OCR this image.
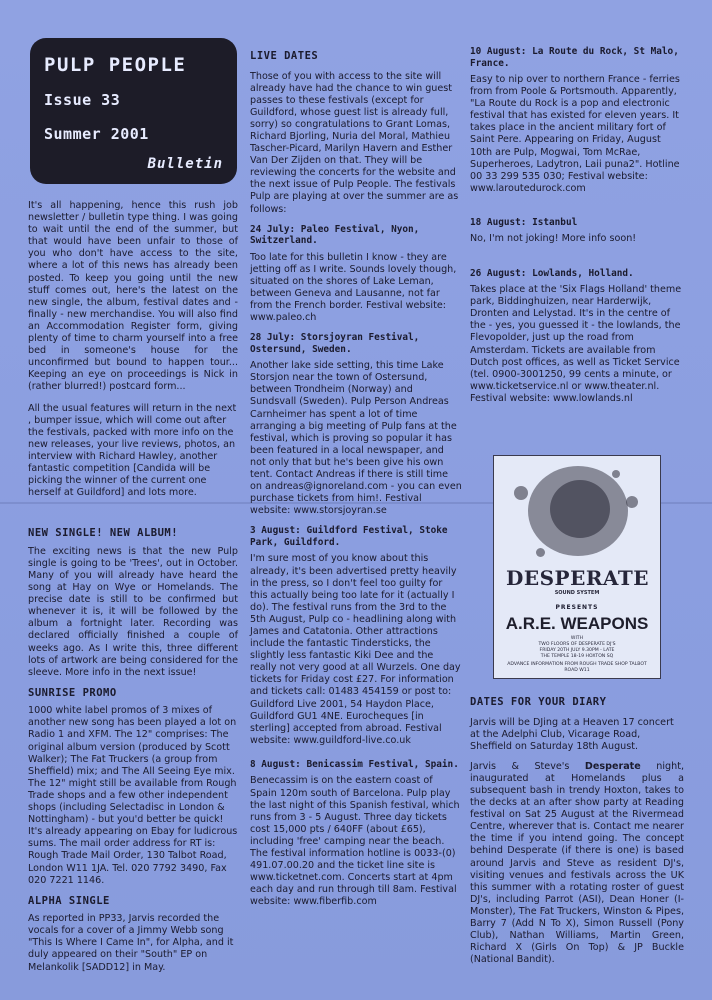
PULP PEOPLE
Issue 33
Summer 2001
Bulletin

It's all happening, hence this rush job newsletter / bulletin type thing. I was going to wait until the end of the summer, but that would have been unfair to those of you who don't have access to the site, where a lot of this news has already been posted. To keep you going until the new stuff comes out, here's the latest on the new single, the album, festival dates and - finally - new merchandise. You will also find an Accommodation Register form, giving plenty of time to charm yourself into a free bed in someone's house for the unconfirmed but bound to happen tour... Keeping an eye on proceedings is Nick in (rather blurred!) postcard form...

All the usual features will return in the next , bumper issue, which will come out after the festivals, packed with more info on the new releases, your live reviews, photos, an interview with Richard Hawley, another fantastic competition [Candida will be picking the winner of the current one herself at Guildford] and lots more.

NEW SINGLE! NEW ALBUM!

The exciting news is that the new Pulp single is going to be 'Trees', out in October. Many of you will already have heard the song at Hay on Wye or Homelands. The precise date is still to be confirmed but whenever it is, it will be followed by the album a fortnight later. Recording was declared officially finished a couple of weeks ago. As I write this, three different lots of artwork are being considered for the sleeve. More info in the next issue!

SUNRISE PROMO

1000 white label promos of 3 mixes of another new song has been played a lot on Radio 1 and XFM. The 12" comprises: The original album version (produced by Scott Walker); The Fat Truckers (a group from Sheffield) mix; and The All Seeing Eye mix. The 12" might still be available from Rough Trade shops and a few other independent shops (including Selectadisc in London & Nottingham) - but you'd better be quick! It's already appearing on Ebay for ludicrous sums. The mail order address for RT is: Rough Trade Mail Order, 130 Talbot Road, London W11 1JA. Tel. 020 7792 3490, Fax 020 7221 1146.

ALPHA SINGLE

As reported in PP33, Jarvis recorded the vocals for a cover of a Jimmy Webb song "This Is Where I Came In", for Alpha, and it duly appeared on their "South" EP on Melankolik [SADD12] in May.

LIVE DATES

Those of you with access to the site will already have had the chance to win guest passes to these festivals (except for Guildford, whose guest list is already full, sorry) so congratulations to Grant Lomas, Richard Bjorling, Nuria del Moral, Mathieu Tascher-Picard, Marilyn Havern and Esther Van Der Zijden on that. They will be reviewing the concerts for the website and the next issue of Pulp People. The festivals Pulp are playing at over the summer are as follows:

24 July: Paleo Festival, Nyon, Switzerland.

Too late for this bulletin I know - they are jetting off as I write. Sounds lovely though, situated on the shores of Lake Leman, between Geneva and Lausanne, not far from the French border. Festival website: www.paleo.ch

28 July: Storsjoyran Festival, Ostersund, Sweden.

Another lake side setting, this time Lake Storsjon near the town of Ostersund, between Trondheim (Norway) and Sundsvall (Sweden). Pulp Person Andreas Carnheimer has spent a lot of time arranging a big meeting of Pulp fans at the festival, which is proving so popular it has been featured in a local newspaper, and not only that but he's been give his own tent. Contact Andreas if there is still time on andreas@ignoreland.com - you can even purchase tickets from him!. Festival website: www.storsjoyran.se

3 August: Guildford Festival, Stoke Park, Guildford.

I'm sure most of you know about this already, it's been advertised pretty heavily in the press, so I don't feel too guilty for this actually being too late for it (actually I do). The festival runs from the 3rd to the 5th August, Pulp co - headlining along with James and Catatonia. Other attractions include the fantastic Tindersticks, the slightly less fantastic Kiki Dee and the really not very good at all Wurzels. One day tickets for Friday cost £27. For information and tickets call: 01483 454159 or post to: Guildford Live 2001, 54 Haydon Place, Guildford GU1 4NE. Eurocheques [in sterling] accepted from abroad. Festival website: www.guildford-live.co.uk

8 August: Benicassim Festival, Spain.

Benecassim is on the eastern coast of Spain 120m south of Barcelona. Pulp play the last night of this Spanish festival, which runs from 3 - 5 August. Three day tickets cost 15,000 pts / 640FF (about £65), including 'free' camping near the beach. The festival information hotline is 0033-(0) 491.07.00.20 and the ticket line site is www.ticketnet.com. Concerts start at 4pm each day and run through till 8am. Festival website: www.fiberfib.com

10 August: La Route du Rock, St Malo, France.

Easy to nip over to northern France - ferries from from Poole & Portsmouth. Apparently, "La Route du Rock is a pop and electronic festival that has existed for eleven years. It takes place in the ancient military fort of Saint Pere. Appearing on Friday, August 10th are Pulp, Mogwai, Tom McRae, Superheroes, Ladytron, Laii puna2". Hotline 00 33 299 535 030; Festival website: www.laroutedurock.com

18 August: Istanbul

No, I'm not joking! More info soon!

26 August: Lowlands, Holland.

Takes place at the 'Six Flags Holland' theme park, Biddinghuizen, near Harderwijk, Dronten and Lelystad. It's in the centre of the - yes, you guessed it - the lowlands, the Flevopolder, just up the road from Amsterdam. Tickets are available from Dutch post offices, as well as Ticket Service (tel. 0900-3001250, 99 cents a minute, or www.ticketservice.nl or www.theater.nl. Festival website: www.lowlands.nl

DESPERATE
SOUND SYSTEM
PRESENTS
A.R.E. WEAPONS
WITH
TWO FLOORS OF DESPERATE DJ'S
FRIDAY 20TH JULY 9.30PM - LATE
THE TEMPLE 18-19 HOXTON SQ
ADVANCE INFORMATION FROM ROUGH TRADE SHOP TALBOT ROAD W11
DATES FOR YOUR DIARY

Jarvis will be DJing at a Heaven 17 concert at the Adelphi Club, Vicarage Road, Sheffield on Saturday 18th August.

Jarvis & Steve's Desperate night, inaugurated at Homelands plus a subsequent bash in trendy Hoxton, takes to the decks at an after show party at Reading festival on Sat 25 August at the Rivermead Centre, wherever that is. Contact me nearer the time if you intend going. The concept behind Desperate (if there is one) is based around Jarvis and Steve as resident DJ's, visiting venues and festivals across the UK this summer with a rotating roster of guest DJ's, including Parrot (ASI), Dean Honer (I-Monster), The Fat Truckers, Winston & Pipes, Barry 7 (Add N To X), Simon Russell (Pony Club), Nathan Williams, Martin Green, Richard X (Girls On Top) & JP Buckle (National Bandit).
